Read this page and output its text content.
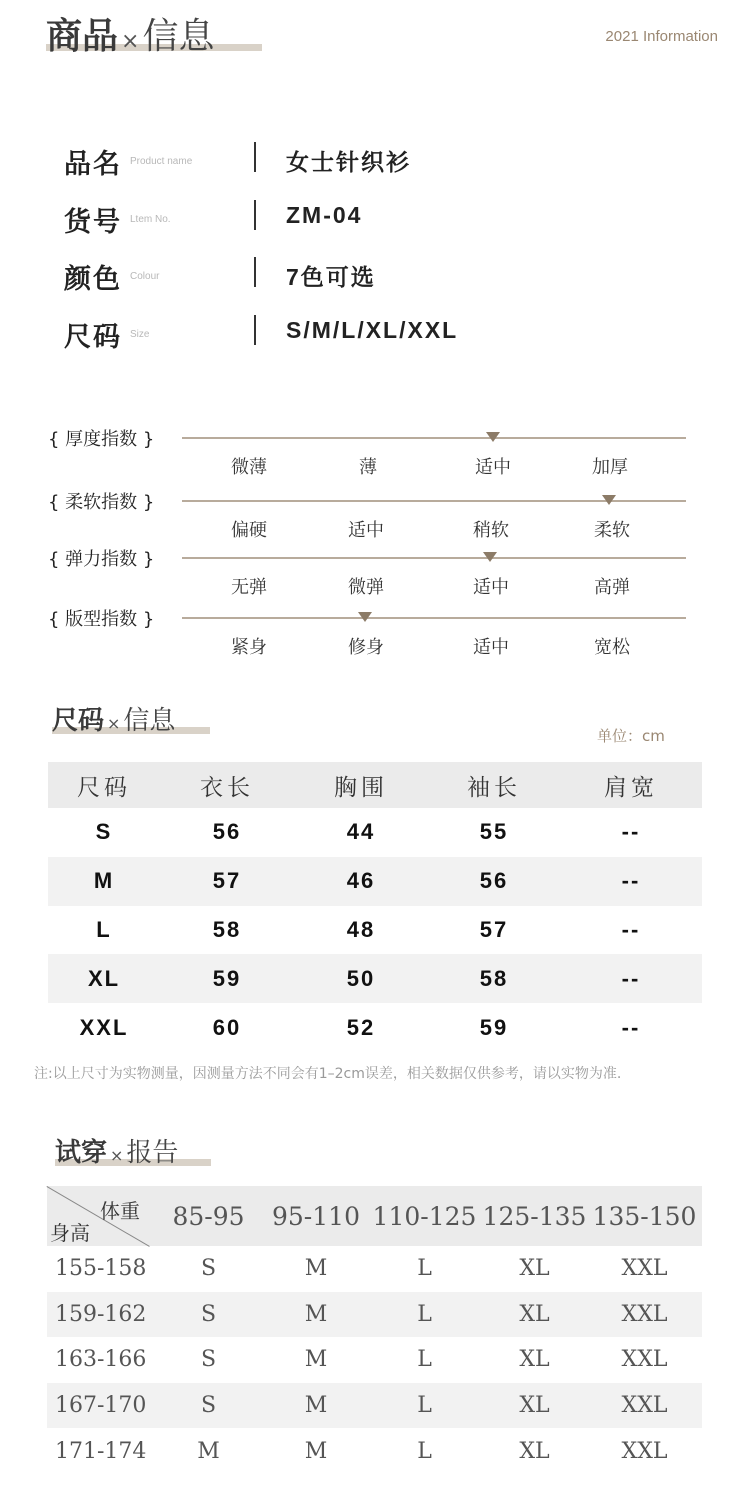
商品 ×信息	2021 Information
品名 Product name	女士针织衫
货号 Ltem No.	ZM-04
颜色 Colour	7色可选
尺码 Size	S/M/L/XL/XXL
{ 厚度指数 }
微薄	薄	适中	加厚
{ 柔软指数 }
偏硬	适中	稍软	柔软
{ 弹力指数 }
无弹	微弹	适中	高弹
{ 版型指数 }
紧身	修身	适中	宽松
尺码 × 信息	单位：cm
尺码	衣长	胸围	袖长	肩宽
S	56	44	55	--
M	57	46	56	--
L	58	48	57	--
XL	59	50	58	--
XXL	60	52	59	--
注:以上尺寸为实物测量，因测量方法不同会有1–2cm误差，相关数据仅供参考，请以实物为准.
试穿 × 报告
体重
身高
85-95	95-110 110-125 125-135 135-150
155-158	S	M	L	XL	XXL
159-162	S	M	L	XL	XXL
163-166	S	M	L	XL	XXL
167-170	S	M	L	XL	XXL
171-174	M	M	L	XL	XXL
